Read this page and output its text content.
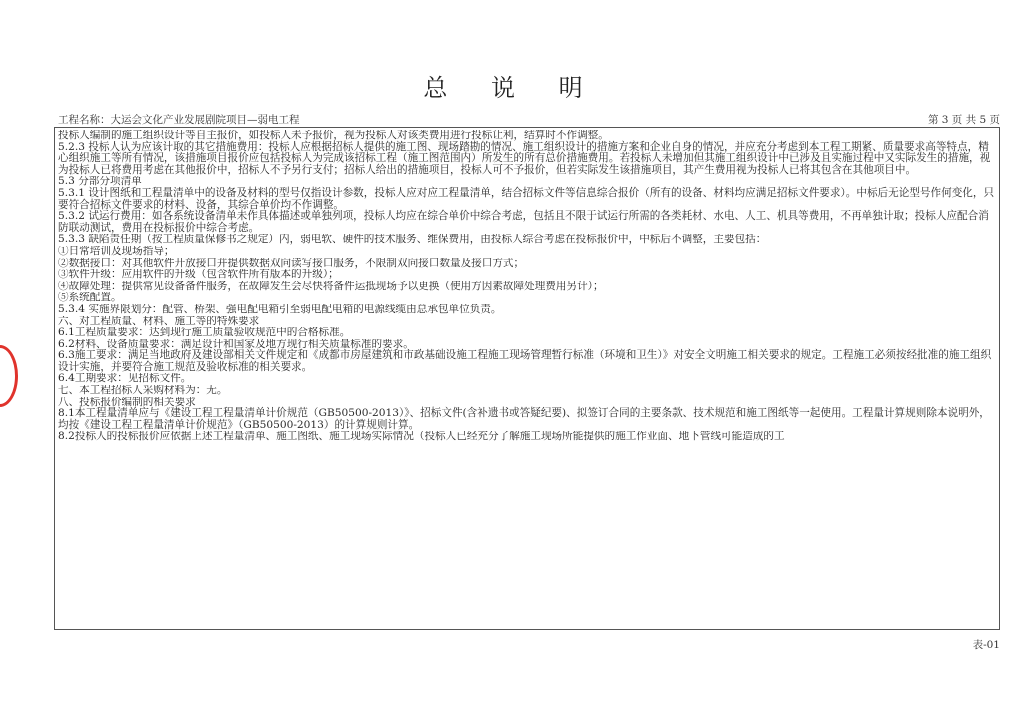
总 说 明
工程名称：大运会文化产业发展剧院项目—弱电工程	第 3 页 共 5 页
投标人编制的施工组织设计等自主报价，如投标人未予报价，视为投标人对该类费用进行投标让利，结算时不作调整。
5.2.3 投标人认为应该计取的其它措施费用：投标人应根据招标人提供的施工图、现场踏勘的情况、施工组织设计的措施方案和企业自身的情况，并应充分考虑到本工程工期紧、质量要求高等特点，精心组织施工等所有情况，该措施项目报价应包括投标人为完成该招标工程（施工图范围内）所发生的所有总价措施费用。若投标人未增加但其施工组织设计中已涉及且实施过程中又实际发生的措施，视为投标人已将费用考虑在其他报价中，招标人不予另行支付；招标人给出的措施项目，投标人可不予报价，但若实际发生该措施项目，其产生费用视为投标人已将其包含在其他项目中。
5.3 分部分项清单
5.3.1 设计图纸和工程量清单中的设备及材料的型号仅指设计参数，投标人应对应工程量清单，结合招标文件等信息综合报价（所有的设备、材料均应满足招标文件要求）。中标后无论型号作何变化，只要符合招标文件要求的材料、设备，其综合单价均不作调整。
5.3.2 试运行费用：如各系统设备清单未作具体描述或单独列项，投标人均应在综合单价中综合考虑，包括且不限于试运行所需的各类耗材、水电、人工、机具等费用，不再单独计取；投标人应配合消防联动测试，费用在投标报价中综合考虑。
5.3.3 缺陷责任期（按工程质量保修书之规定）内，弱电软、硬件的技术服务、维保费用，由投标人综合考虑在投标报价中，中标后不调整，主要包括：
①日常培训及现场指导；
②数据接口：对其他软件开放接口并提供数据双向读写接口服务，不限制双向接口数量及接口方式；
③软件升级：应用软件的升级（包含软件所有版本的升级）；
④故障处理：提供常见设备备件服务，在故障发生会尽快将备件运抵现场予以更换（使用方因素故障处理费用另计）；
⑤系统配置。
5.3.4 实施界限划分：配管、桥架、强电配电箱引至弱电配电箱的电源线缆由总承包单位负责。
六、对工程质量、材料、施工等的特殊要求
6.1工程质量要求：达到现行施工质量验收规范中的合格标准。
6.2材料、设备质量要求：满足设计和国家及地方现行相关质量标准的要求。
6.3施工要求：满足当地政府及建设部相关文件规定和《成都市房屋建筑和市政基础设施工程施工现场管理暂行标准（环境和卫生）》对安全文明施工相关要求的规定。工程施工必须按经批准的施工组织设计实施，并要符合施工规范及验收标准的相关要求。
6.4工期要求：见招标文件。
七、本工程招标人采购材料为：无。
八、投标报价编制的相关要求
8.1本工程量清单应与《建设工程工程量清单计价规范（GB50500-2013）》、招标文件(含补遗书或答疑纪要)、拟签订合同的主要条款、技术规范和施工图纸等一起使用。工程量计算规则除本说明外，均按《建设工程工程量清单计价规范》（GB50500-2013）的计算规则计算。
8.2投标人的投标报价应依据上述工程量清单、施工图纸、施工现场实际情况（投标人已经充分了解施工现场所能提供的施工作业面、地下管线可能造成的工
表-01
